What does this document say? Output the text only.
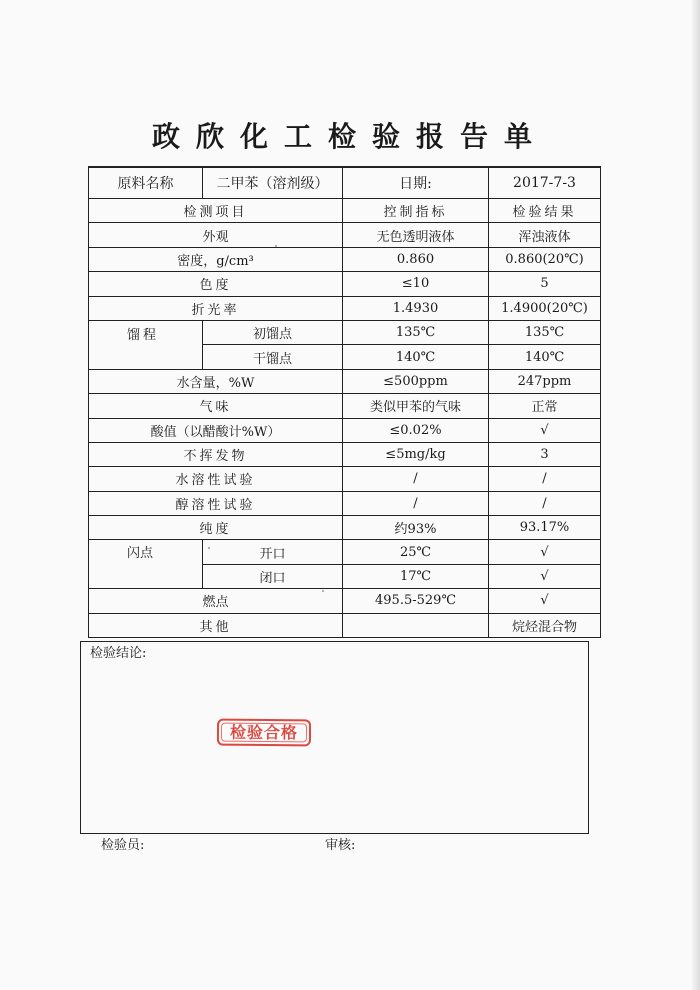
政欣化工检验报告单
原料名称	二甲苯（溶剂级）	日期:	2017-7-3
检测项目		控制指标	检验结果
外观		无色透明液体	浑浊液体
密度，g/cm³		0.860	0.860(20℃)
色度		≤10	5
折光率		1.4930	1.4900(20℃)
馏程	初馏点	135℃	135℃
	干馏点	140℃	140℃
水含量，%W		≤500ppm	247ppm
气味		类似甲苯的气味	正常
酸值（以醋酸计%W）		≤0.02%	√
不挥发物		≤5mg/kg	3
水溶性试验		/	/
醇溶性试验		/	/
纯度		约93%	93.17%
闪点	开口	25℃	√
	闭口	17℃	√
燃点		495.5-529℃	√
其他			烷烃混合物
检验结论:
检验合格
检验员:	审核:
